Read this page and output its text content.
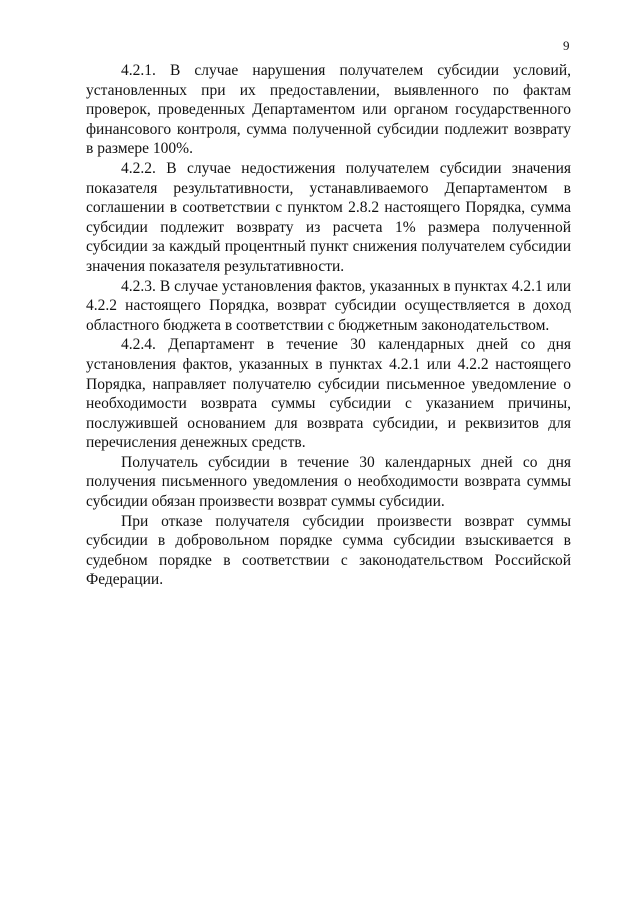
9

4.2.1. В случае нарушения получателем субсидии условий, установленных при их предоставлении, выявленного по фактам проверок, проведенных Департаментом или органом государственного финансового контроля, сумма полученной субсидии подлежит возврату в размере 100%.

4.2.2. В случае недостижения получателем субсидии значения показателя результативности, устанавливаемого Департаментом в соглашении в соответствии с пунктом 2.8.2 настоящего Порядка, сумма субсидии подлежит возврату из расчета 1% размера полученной субсидии за каждый процентный пункт снижения получателем субсидии значения показателя результативности.

4.2.3. В случае установления фактов, указанных в пунктах 4.2.1 или 4.2.2 настоящего Порядка, возврат субсидии осуществляется в доход областного бюджета в соответствии с бюджетным законодательством.

4.2.4. Департамент в течение 30 календарных дней со дня установления фактов, указанных в пунктах 4.2.1 или 4.2.2 настоящего Порядка, направляет получателю субсидии письменное уведомление о необходимости возврата суммы субсидии с указанием причины, послужившей основанием для возврата субсидии, и реквизитов для перечисления денежных средств.

Получатель субсидии в течение 30 календарных дней со дня получения письменного уведомления о необходимости возврата суммы субсидии обязан произвести возврат суммы субсидии.

При отказе получателя субсидии произвести возврат суммы субсидии в добровольном порядке сумма субсидии взыскивается в судебном порядке в соответствии с законодательством Российской Федерации.
